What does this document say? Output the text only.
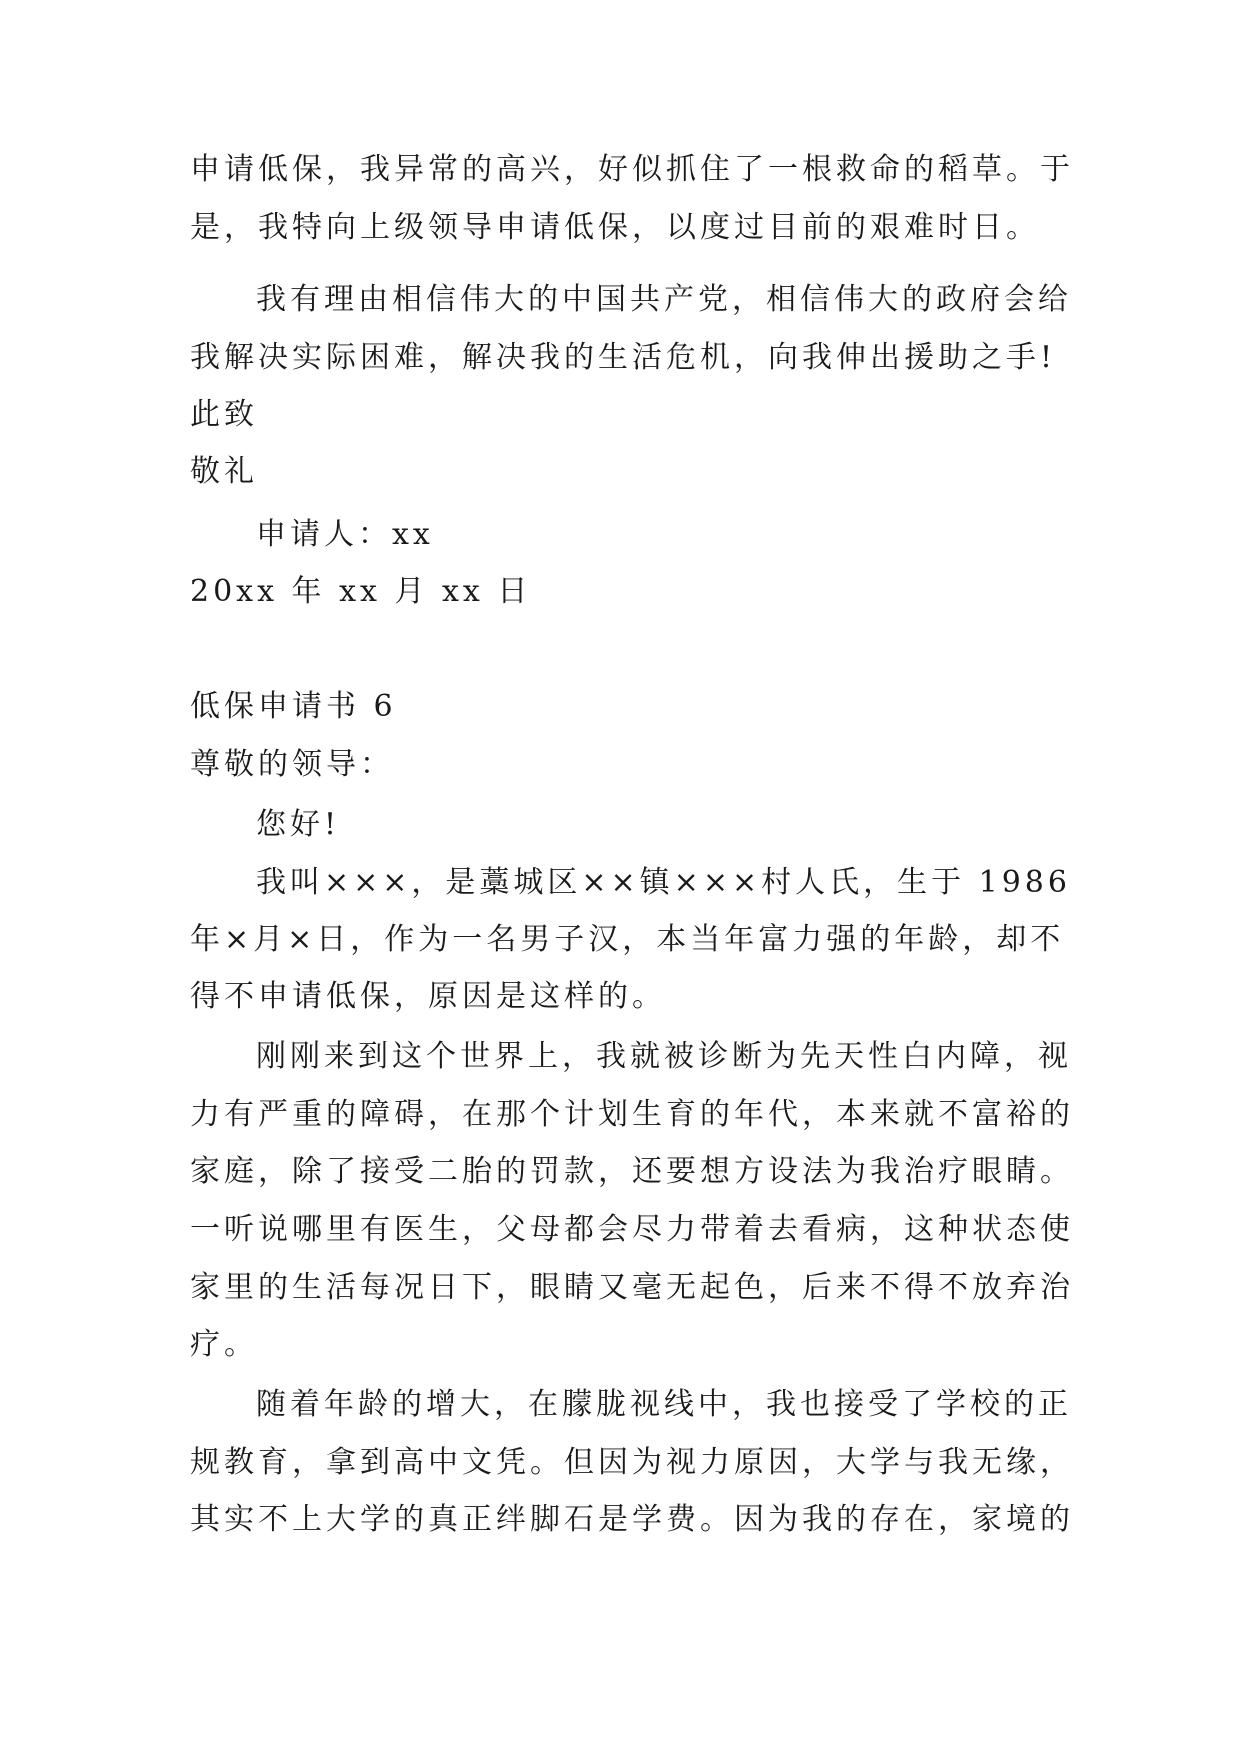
申请低保，我异常的高兴，好似抓住了一根救命的稻草。于
是，我特向上级领导申请低保，以度过目前的艰难时日。
我有理由相信伟大的中国共产党，相信伟大的政府会给
我解决实际困难，解决我的生活危机，向我伸出援助之手!
此致
敬礼
申请人：xx
20xx 年 xx 月 xx 日
低保申请书 6
尊敬的领导：
您好!
我叫×××，是藁城区××镇×××村人氏，生于 1986
年×月×日，作为一名男子汉，本当年富力强的年龄，却不
得不申请低保，原因是这样的。
刚刚来到这个世界上，我就被诊断为先天性白内障，视
力有严重的障碍，在那个计划生育的年代，本来就不富裕的
家庭，除了接受二胎的罚款，还要想方设法为我治疗眼睛。
一听说哪里有医生，父母都会尽力带着去看病，这种状态使
家里的生活每况日下，眼睛又毫无起色，后来不得不放弃治
疗。
随着年龄的增大，在朦胧视线中，我也接受了学校的正
规教育，拿到高中文凭。但因为视力原因，大学与我无缘，
其实不上大学的真正绊脚石是学费。因为我的存在，家境的
